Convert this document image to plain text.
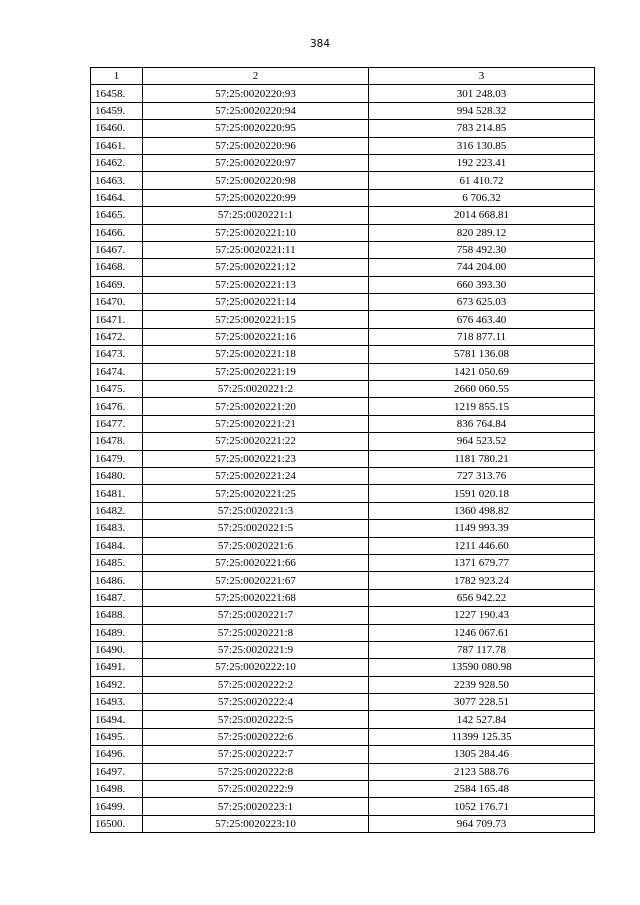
384
1	2	3
16458.	57:25:0020220:93	301 248.03
16459.	57:25:0020220:94	994 528.32
16460.	57:25:0020220:95	783 214.85
16461.	57:25:0020220:96	316 130.85
16462.	57:25:0020220:97	192 223.41
16463.	57:25:0020220:98	61 410.72
16464.	57:25:0020220:99	6 706.32
16465.	57:25:0020221:1	2014 668.81
16466.	57:25:0020221:10	820 289.12
16467.	57:25:0020221:11	758 492.30
16468.	57:25:0020221:12	744 204.00
16469.	57:25:0020221:13	660 393.30
16470.	57:25:0020221:14	673 625.03
16471.	57:25:0020221:15	676 463.40
16472.	57:25:0020221:16	718 877.11
16473.	57:25:0020221:18	5781 136.08
16474.	57:25:0020221:19	1421 050.69
16475.	57:25:0020221:2	2660 060.55
16476.	57:25:0020221:20	1219 855.15
16477.	57:25:0020221:21	836 764.84
16478.	57:25:0020221:22	964 523.52
16479.	57:25:0020221:23	1181 780.21
16480.	57:25:0020221:24	727 313.76
16481.	57:25:0020221:25	1591 020.18
16482.	57:25:0020221:3	1360 498.82
16483.	57:25:0020221:5	1149 993.39
16484.	57:25:0020221:6	1211 446.60
16485.	57:25:0020221:66	1371 679.77
16486.	57:25:0020221:67	1782 923.24
16487.	57:25:0020221:68	656 942.22
16488.	57:25:0020221:7	1227 190.43
16489.	57:25:0020221:8	1246 067.61
16490.	57:25:0020221:9	787 117.78
16491.	57:25:0020222:10	13590 080.98
16492.	57:25:0020222:2	2239 928.50
16493.	57:25:0020222:4	3077 228.51
16494.	57:25:0020222:5	142 527.84
16495.	57:25:0020222:6	11399 125.35
16496.	57:25:0020222:7	1305 284.46
16497.	57:25:0020222:8	2123 588.76
16498.	57:25:0020222:9	2584 165.48
16499.	57:25:0020223:1	1052 176.71
16500.	57:25:0020223:10	964 709.73
